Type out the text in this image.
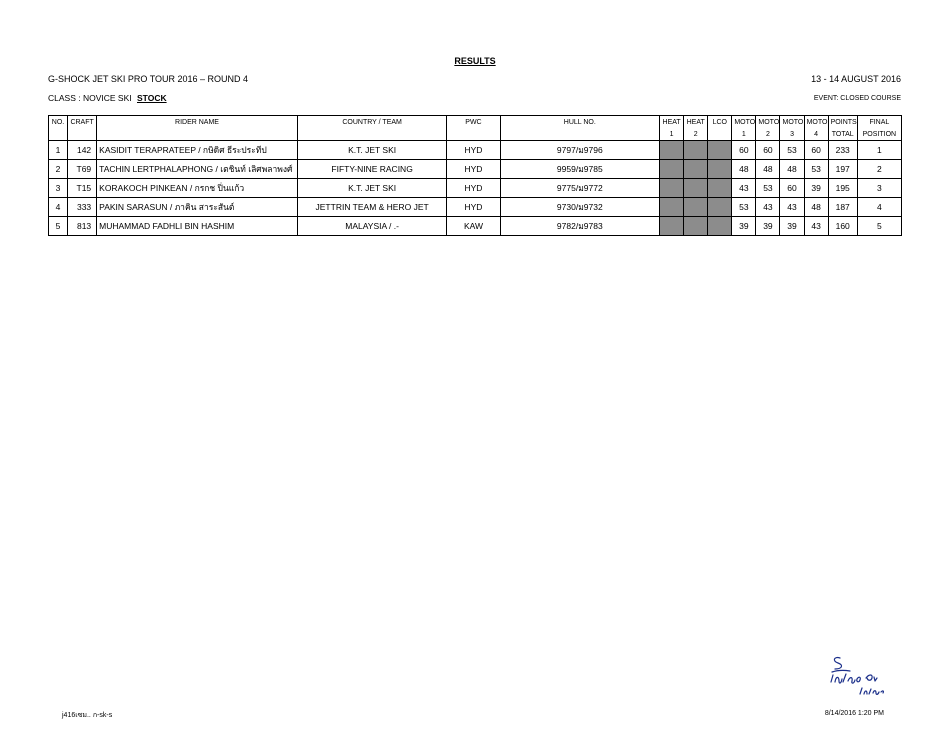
RESULTS
G-SHOCK JET SKI PRO TOUR 2016 – ROUND 4	13 - 14 AUGUST 2016
CLASS : NOVICE SKI STOCK	EVENT: CLOSED COURSE
NO.	CRAFT	RIDER NAME	COUNTRY / TEAM	PWC	HULL NO.	HEAT	HEAT	LCO	MOTO	MOTO	MOTO	MOTO	POINTS	FINAL
						1	2		1	2	3	4	TOTAL	POSITION
1	142	KASIDIT TERAPRATEEP / กษิดิศ ธีระประทีป	K.T. JET SKI	HYD	9797/ม9796				60	60	53	60	233	1
2	T69	TACHIN LERTPHALAPHONG / เตชินท์ เลิศพลาพงศ์	FIFTY-NINE RACING	HYD	9959/ม9785				48	48	48	53	197	2
3	T15	KORAKOCH PINKEAN / กรกช ปิ่นแก้ว	K.T. JET SKI	HYD	9775/ม9772				43	53	60	39	195	3
4	333	PAKIN SARASUN / ภาคิน สาระสันต์	JETTRIN TEAM & HERO JET	HYD	9730/ม9732				53	43	43	48	187	4
5	813	MUHAMMAD FADHLI BIN HASHIM	MALAYSIA / .-	KAW	9782/ม9783				39	39	39	43	160	5
j416เซม.. ก-sk-s	8/14/2016 1:20 PM
